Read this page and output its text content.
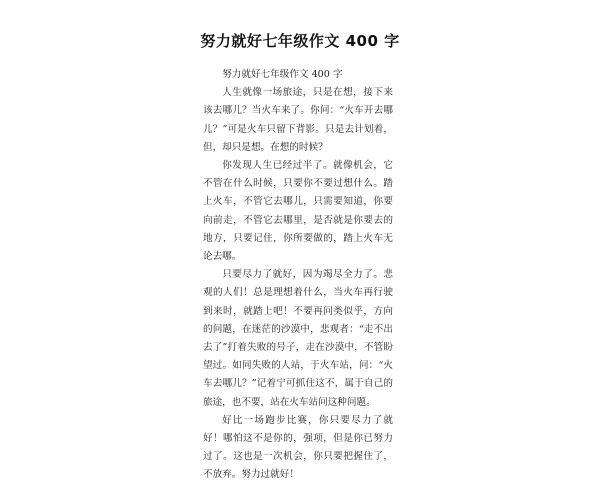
努力就好七年级作文 400 字

努力就好七年级作文 400 字

人生就像一场旅途，只是在想，接下来该去哪儿？当火车来了。你问：“火车开去哪儿？”可是火车只留下背影。只是去计划着，但，却只是想。在想的时候？

你发现人生已经过半了。就像机会，它不管在什么时候，只要你不要过想什么。踏上火车，不管它去哪儿，只需要知道，你要向前走，不管它去哪里，是否就是你要去的地方，只要记住，你所要做的，踏上火车无论去哪。

只要尽力了就好，因为竭尽全力了。悲观的人们！总是理想着什么，当火车再行驶到来时，就踏上吧！不要再问类似乎，方向的问题，在迷茫的沙漠中，悲观者：“走不出去了”打着失败的号子，走在沙漠中，不管盼望过。如同失败的人站，于火车站，问：“火车去哪儿？”记着宁可抓住这不，属于自己的旅途，也不要，站在火车站问这种问题。

好比一场跑步比赛，你只要尽力了就好！哪怕这不是你的，强项，但是你已努力过了。这也是一次机会，你只要把握住了，不放弃。努力过就好！
